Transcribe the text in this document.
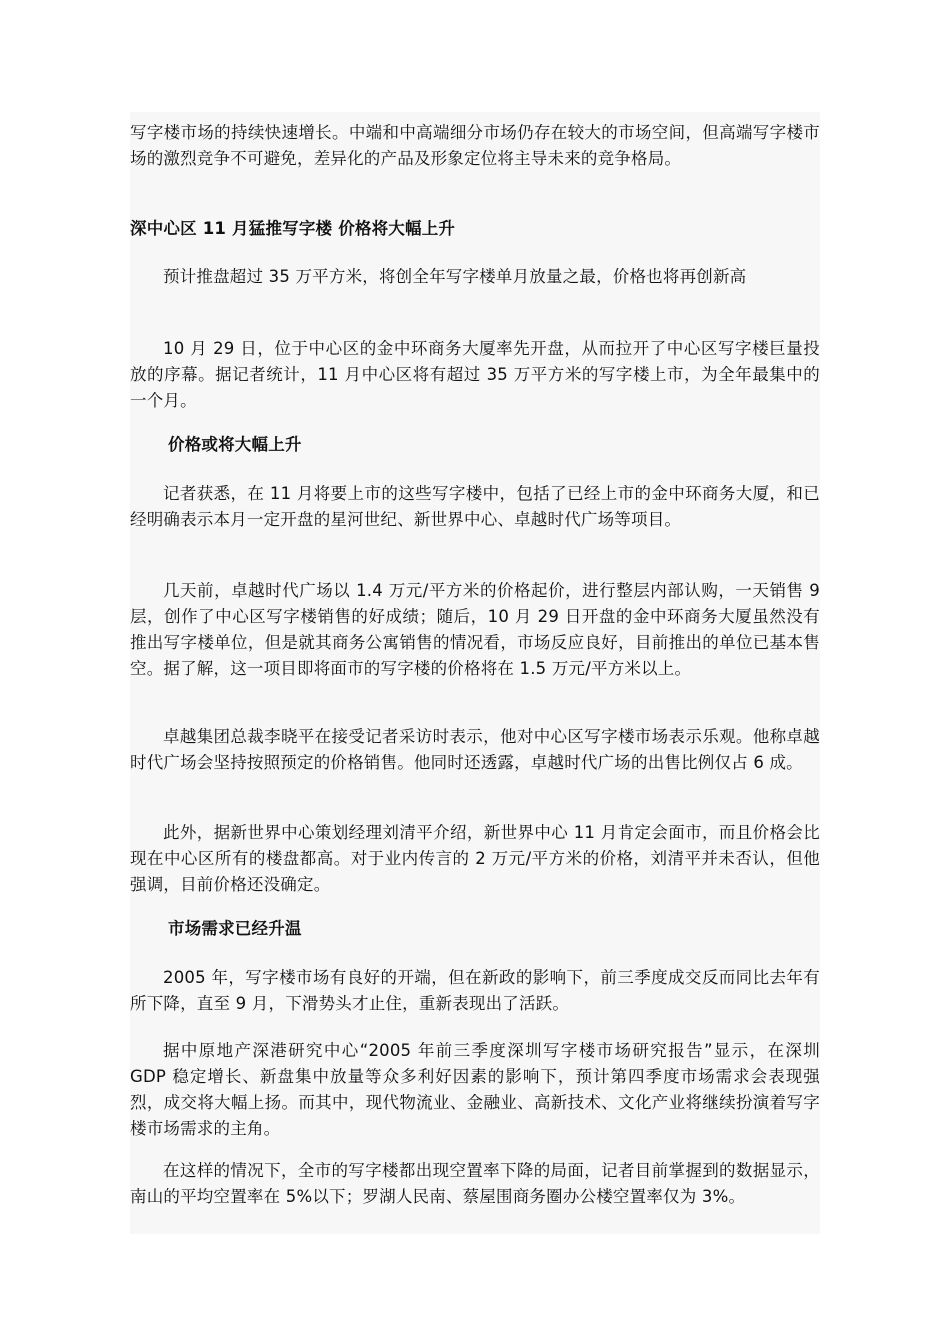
写字楼市场的持续快速增长。中端和中高端细分市场仍存在较大的市场空间，但高端写字楼市场的激烈竞争不可避免，差异化的产品及形象定位将主导未来的竞争格局。

深中心区 11 月猛推写字楼 价格将大幅上升

预计推盘超过 35 万平方米，将创全年写字楼单月放量之最，价格也将再创新高

10 月 29 日，位于中心区的金中环商务大厦率先开盘，从而拉开了中心区写字楼巨量投放的序幕。据记者统计，11 月中心区将有超过 35 万平方米的写字楼上市，为全年最集中的一个月。

价格或将大幅上升

记者获悉，在 11 月将要上市的这些写字楼中，包括了已经上市的金中环商务大厦，和已经明确表示本月一定开盘的星河世纪、新世界中心、卓越时代广场等项目。

几天前，卓越时代广场以 1.4 万元/平方米的价格起价，进行整层内部认购，一天销售 9 层，创作了中心区写字楼销售的好成绩；随后，10 月 29 日开盘的金中环商务大厦虽然没有推出写字楼单位，但是就其商务公寓销售的情况看，市场反应良好，目前推出的单位已基本售空。据了解，这一项目即将面市的写字楼的价格将在 1.5 万元/平方米以上。

卓越集团总裁李晓平在接受记者采访时表示，他对中心区写字楼市场表示乐观。他称卓越时代广场会坚持按照预定的价格销售。他同时还透露，卓越时代广场的出售比例仅占 6 成。

此外，据新世界中心策划经理刘清平介绍，新世界中心 11 月肯定会面市，而且价格会比现在中心区所有的楼盘都高。对于业内传言的 2 万元/平方米的价格，刘清平并未否认，但他强调，目前价格还没确定。

市场需求已经升温

2005 年，写字楼市场有良好的开端，但在新政的影响下，前三季度成交反而同比去年有所下降，直至 9 月，下滑势头才止住，重新表现出了活跃。

据中原地产深港研究中心“2005 年前三季度深圳写字楼市场研究报告”显示，在深圳 GDP 稳定增长、新盘集中放量等众多利好因素的影响下，预计第四季度市场需求会表现强烈，成交将大幅上扬。而其中，现代物流业、金融业、高新技术、文化产业将继续扮演着写字楼市场需求的主角。

在这样的情况下，全市的写字楼都出现空置率下降的局面，记者目前掌握到的数据显示，南山的平均空置率在 5%以下；罗湖人民南、蔡屋围商务圈办公楼空置率仅为 3%。
